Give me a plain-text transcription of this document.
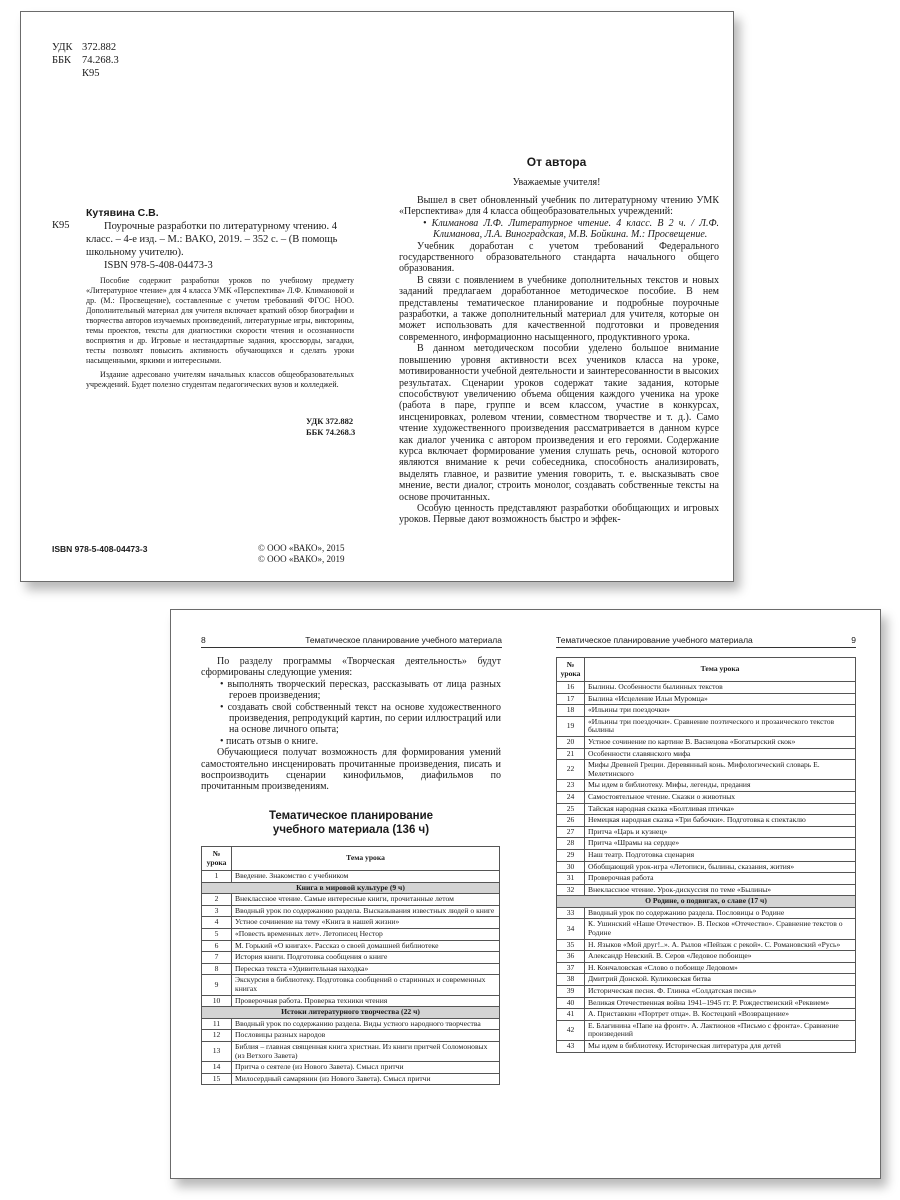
УДК 372.882
ББК 74.268.3
К95
К95
Кутявина С.В.
Поурочные разработки по литературному чтению. 4 класс. – 4-е изд. – М.: ВАКО, 2019. – 352 с. – (В помощь школьному учителю).
ISBN 978-5-408-04473-3

Пособие содержит разработки уроков по учебному предмету «Литературное чтение» для 4 класса УМК «Перспектива» Л.Ф. Климановой и др. (М.: Просвещение), составленные с учетом требований ФГОС НОО. Дополнительный материал для учителя включает краткий обзор биографии и творчества авторов изучаемых произведений, литературные игры, викторины, темы проектов, тексты для диагностики скорости чтения и осознанности восприятия и др. Игровые и нестандартные задания, кроссворды, загадки, тесты позволят повысить активность обучающихся и сделать уроки насыщенными, яркими и интересными.

Издание адресовано учителям начальных классов общеобразовательных учреждений. Будет полезно студентам педагогических вузов и колледжей.
УДК 372.882
ББК 74.268.3
ISBN 978-5-408-04473-3	© ООО «ВАКО», 2015
© ООО «ВАКО», 2019
От автора
Уважаемые учителя!

Вышел в свет обновленный учебник по литературному чтению УМК «Перспектива» для 4 класса общеобразовательных учреждений:

• Климанова Л.Ф. Литературное чтение. 4 класс. В 2 ч. / Л.Ф. Климанова, Л.А. Виноградская, М.В. Бойкина. М.: Просвещение.

Учебник доработан с учетом требований Федерального государственного образовательного стандарта начального общего образования.

В связи с появлением в учебнике дополнительных текстов и новых заданий предлагаем доработанное методическое пособие. В нем представлены тематическое планирование и подробные поурочные разработки, а также дополнительный материал для учителя, которые он может использовать для качественной подготовки и проведения современного, информационно насыщенного, продуктивного урока.

В данном методическом пособии уделено большое внимание повышению уровня активности всех учеников класса на уроке, мотивированности учебной деятельности и заинтересованности в высоких результатах. Сценарии уроков содержат такие задания, которые способствуют увеличению объема общения каждого ученика на уроке (работа в паре, группе и всем классом, участие в конкурсах, инсценировках, ролевом чтении, совместном творчестве и т. д.). Само чтение художественного произведения рассматривается в данном курсе как диалог ученика с автором произведения и его героями. Содержание курса включает формирование умения слушать речь, основой которого являются внимание к речи собеседника, способность анализировать, выделять главное, и развитие умения говорить, т. е. высказывать свое мнение, вести диалог, строить монолог, создавать собственные тексты на основе прочитанных.

Особую ценность представляют разработки обобщающих и игровых уроков. Первые дают возможность быстро и эффек-

8	Тематическое планирование учебного материала

По разделу программы «Творческая деятельность» будут сформированы следующие умения:

• выполнять творческий пересказ, рассказывать от лица разных героев произведения;

• создавать свой собственный текст на основе художественного произведения, репродукций картин, по серии иллюстраций или на основе личного опыта;

• писать отзыв о книге.

Обучающиеся получат возможность для формирования умений самостоятельно инсценировать прочитанные произведения, писать и воспроизводить сценарии кинофильмов, диафильмов по прочитанным произведениям.

Тематическое планирование
учебного материала (136 ч)
№ урока	Тема урока
1	Введение. Знакомство с учебником
Книга в мировой культуре (9 ч)	
2	Внеклассное чтение. Самые интересные книги, прочитанные летом
3	Вводный урок по содержанию раздела. Высказывания известных людей о книге
4	Устное сочинение на тему «Книга в нашей жизни»
5	«Повесть временных лет». Летописец Нестор
6	М. Горький «О книгах». Рассказ о своей домашней библиотеке
7	История книги. Подготовка сообщения о книге
8	Пересказ текста «Удивительная находка»
9	Экскурсия в библиотеку. Подготовка сообщений о старинных и современных книгах
10	Проверочная работа. Проверка техники чтения
Истоки литературного творчества (22 ч)	
11	Вводный урок по содержанию раздела. Виды устного народного творчества
12	Пословицы разных народов
13	Библия – главная священная книга христиан. Из книги притчей Соломоновых (из Ветхого Завета)
14	Притча о сеятеле (из Нового Завета). Смысл притчи
15	Милосердный самарянин (из Нового Завета). Смысл притчи
Тематическое планирование учебного материала	9
№ урока	Тема урока
16	Былины. Особенности былинных текстов
17	Былина «Исцеление Ильи Муромца»
18	«Ильины три поездочки»
19	«Ильины три поездочки». Сравнение поэтического и прозаического текстов былины
20	Устное сочинение по картине В. Васнецова «Богатырский скок»
21	Особенности славянского мифа
22	Мифы Древней Греции. Деревянный конь. Мифологический словарь Е. Мелетинского
23	Мы идем в библиотеку. Мифы, легенды, предания
24	Самостоятельное чтение. Сказки о животных
25	Тайская народная сказка «Болтливая птичка»
26	Немецкая народная сказка «Три бабочки». Подготовка к спектаклю
27	Притча «Царь и кузнец»
28	Притча «Шрамы на сердце»
29	Наш театр. Подготовка сценария
30	Обобщающий урок-игра «Летописи, былины, сказания, жития»
31	Проверочная работа
32	Внеклассное чтение. Урок-дискуссия по теме «Былины»
О Родине, о подвигах, о славе (17 ч)	
33	Вводный урок по содержанию раздела. Пословицы о Родине
34	К. Ушинский «Наше Отечество». В. Песков «Отечество». Сравнение текстов о Родине
35	Н. Языков «Мой друг!..». А. Рылов «Пейзаж с рекой». С. Романовский «Русь»
36	Александр Невский. В. Серов «Ледовое побоище»
37	Н. Кончаловская «Слово о побоище Ледовом»
38	Дмитрий Донской. Куликовская битва
39	Историческая песня. Ф. Глинка «Солдатская песнь»
40	Великая Отечественная война 1941–1945 гг. Р. Рождественский «Реквием»
41	А. Приставкин «Портрет отца». В. Костецкий «Возвращение»
42	Е. Благинина «Папе на фронт». А. Лактионов «Письмо с фронта». Сравнение произведений
43	Мы идем в библиотеку. Историческая литература для детей
